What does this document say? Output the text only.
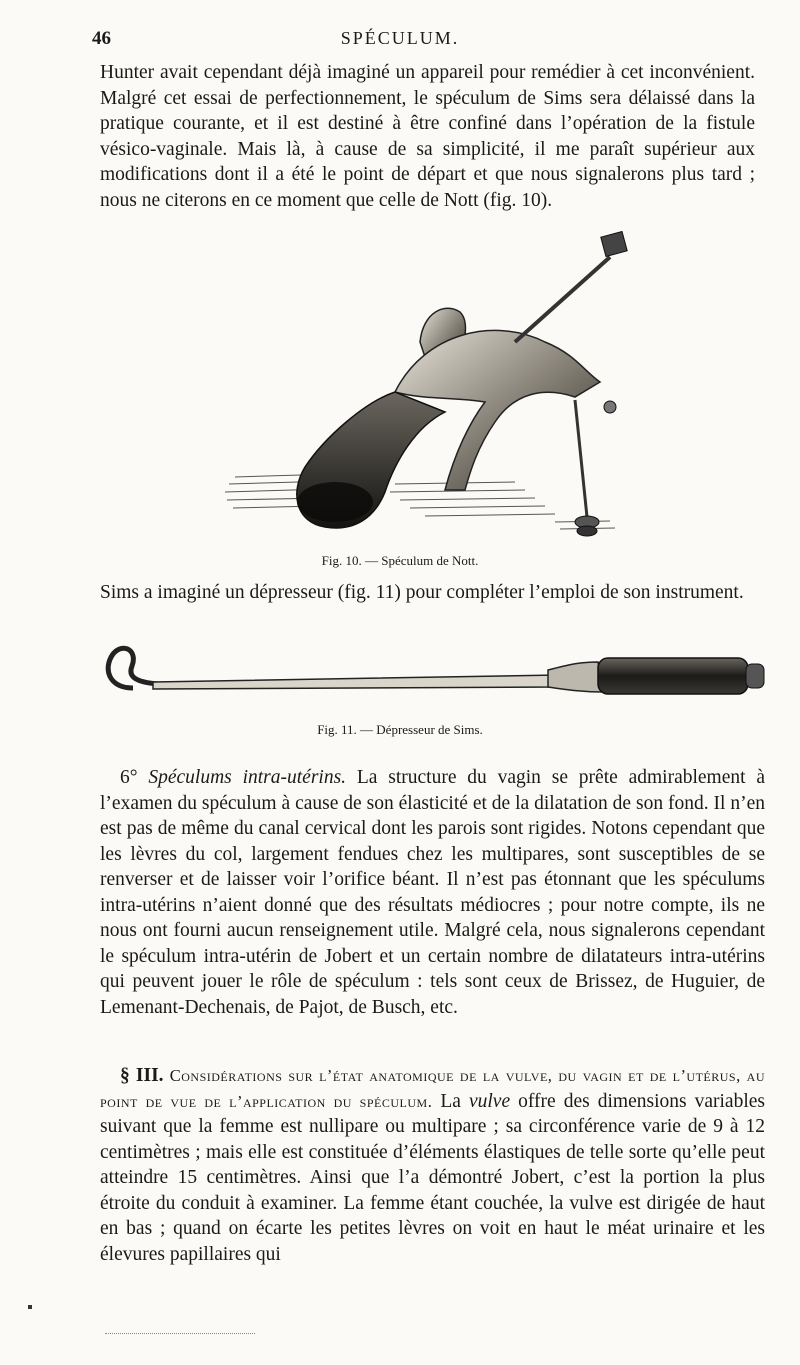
46	SPÉCULUM.

Hunter avait cependant déjà imaginé un appareil pour remédier à cet inconvénient. Malgré cet essai de perfectionnement, le spéculum de Sims sera délaissé dans la pratique courante, et il est destiné à être confiné dans l’opération de la fistule vésico-vaginale. Mais là, à cause de sa simplicité, il me paraît supérieur aux modifications dont il a été le point de départ et que nous signalerons plus tard ; nous ne citerons en ce moment que celle de Nott (fig. 10).

Fig. 10. — Spéculum de Nott.

Sims a imaginé un dépresseur (fig. 11) pour compléter l’emploi de son instrument.

Fig. 11. — Dépresseur de Sims.

6° Spéculums intra-utérins. La structure du vagin se prête admirablement à l’examen du spéculum à cause de son élasticité et de la dilatation de son fond. Il n’en est pas de même du canal cervical dont les parois sont rigides. Notons cependant que les lèvres du col, largement fendues chez les multipares, sont susceptibles de se renverser et de laisser voir l’orifice béant. Il n’est pas étonnant que les spéculums intra-utérins n’aient donné que des résultats médiocres ; pour notre compte, ils ne nous ont fourni aucun renseignement utile. Malgré cela, nous signalerons cependant le spéculum intra-utérin de Jobert et un certain nombre de dilatateurs intra-utérins qui peuvent jouer le rôle de spéculum : tels sont ceux de Brissez, de Huguier, de Lemenant-Dechenais, de Pajot, de Busch, etc.

§ III. Considérations sur l’état anatomique de la vulve, du vagin et de l’utérus, au point de vue de l’application du spéculum. La vulve offre des dimensions variables suivant que la femme est nullipare ou multipare ; sa circonférence varie de 9 à 12 centimètres ; mais elle est constituée d’éléments élastiques de telle sorte qu’elle peut atteindre 15 centimètres. Ainsi que l’a démontré Jobert, c’est la portion la plus étroite du conduit à examiner. La femme étant couchée, la vulve est dirigée de haut en bas ; quand on écarte les petites lèvres on voit en haut le méat urinaire et les élevures papillaires qui
